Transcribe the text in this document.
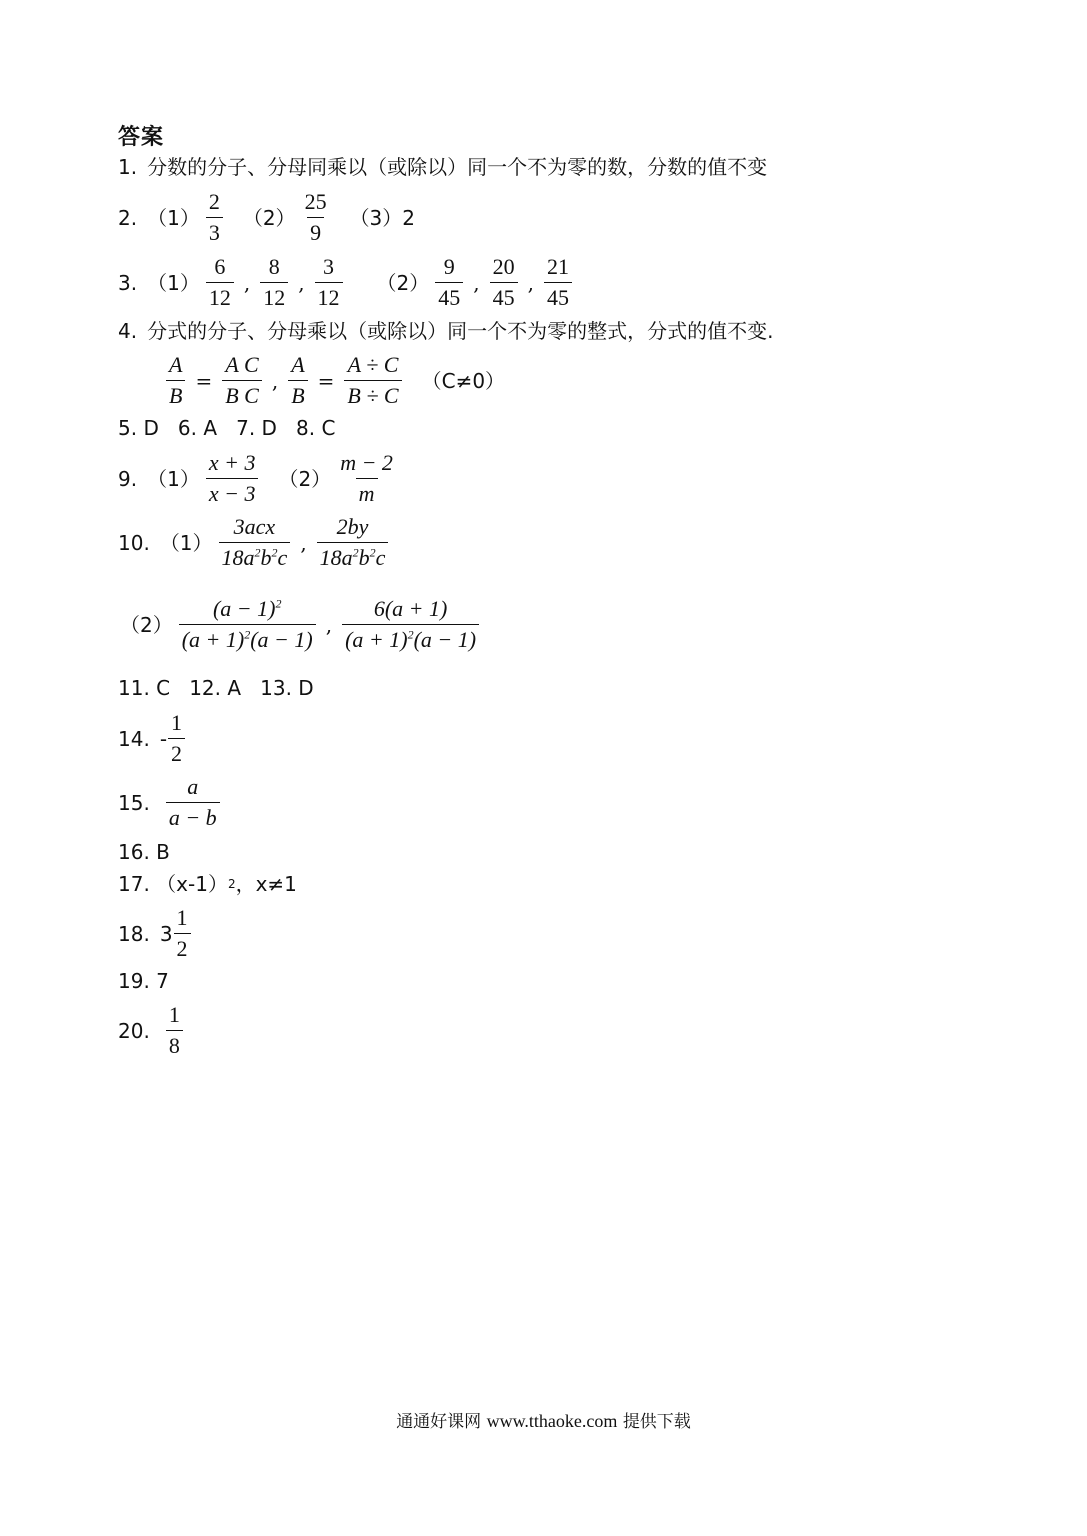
答案
1. 分数的分子、分母同乘以（或除以）同一个不为零的数，分数的值不变
2. $(1) \frac{2}{3} (2) \frac{25}{9} (3)2$
3. $(1) \frac{6}{12}$ , $\frac{8}{12}$ , $\frac{3}{12} (2) \frac{9}{45}$ , $\frac{20}{45}$ , $\frac{21}{45}$
4. 分式的分子、分母乘以（或除以）同一个不为零的整式，分式的值不变.
$\frac{A}{B} = \frac{\text{A C}}{\text{B C}}$ , $\frac{A}{B} = \frac{A \div C}{B \div C} (C\ne 0)$
5. D   6. A   7. D   8. C
9. $(1) \frac{x + 3}{x - 3} (2) \frac{m - 2}{m}$
10. $(1) \frac{\text{3acx}}{18a^2b^2c}$ , $\frac{2by}{18a^2b^2c}$
$(2) \frac{(a - 1)^2}{(a + 1)^2(a - 1)}$ , $\frac{6(a + 1)}{(a + 1)^2(a - 1)}$
11. C   12. A   13. D
14. - $\frac{1}{2}$
15. $\frac{a}{a - b}$
16. B
17. （x-1） 2 ，x≠1
18. $3 \frac{1}{2}$
19. 7
20. $\frac{1}{8}$
通通好课网 www.tthaoke.com 提供下载
